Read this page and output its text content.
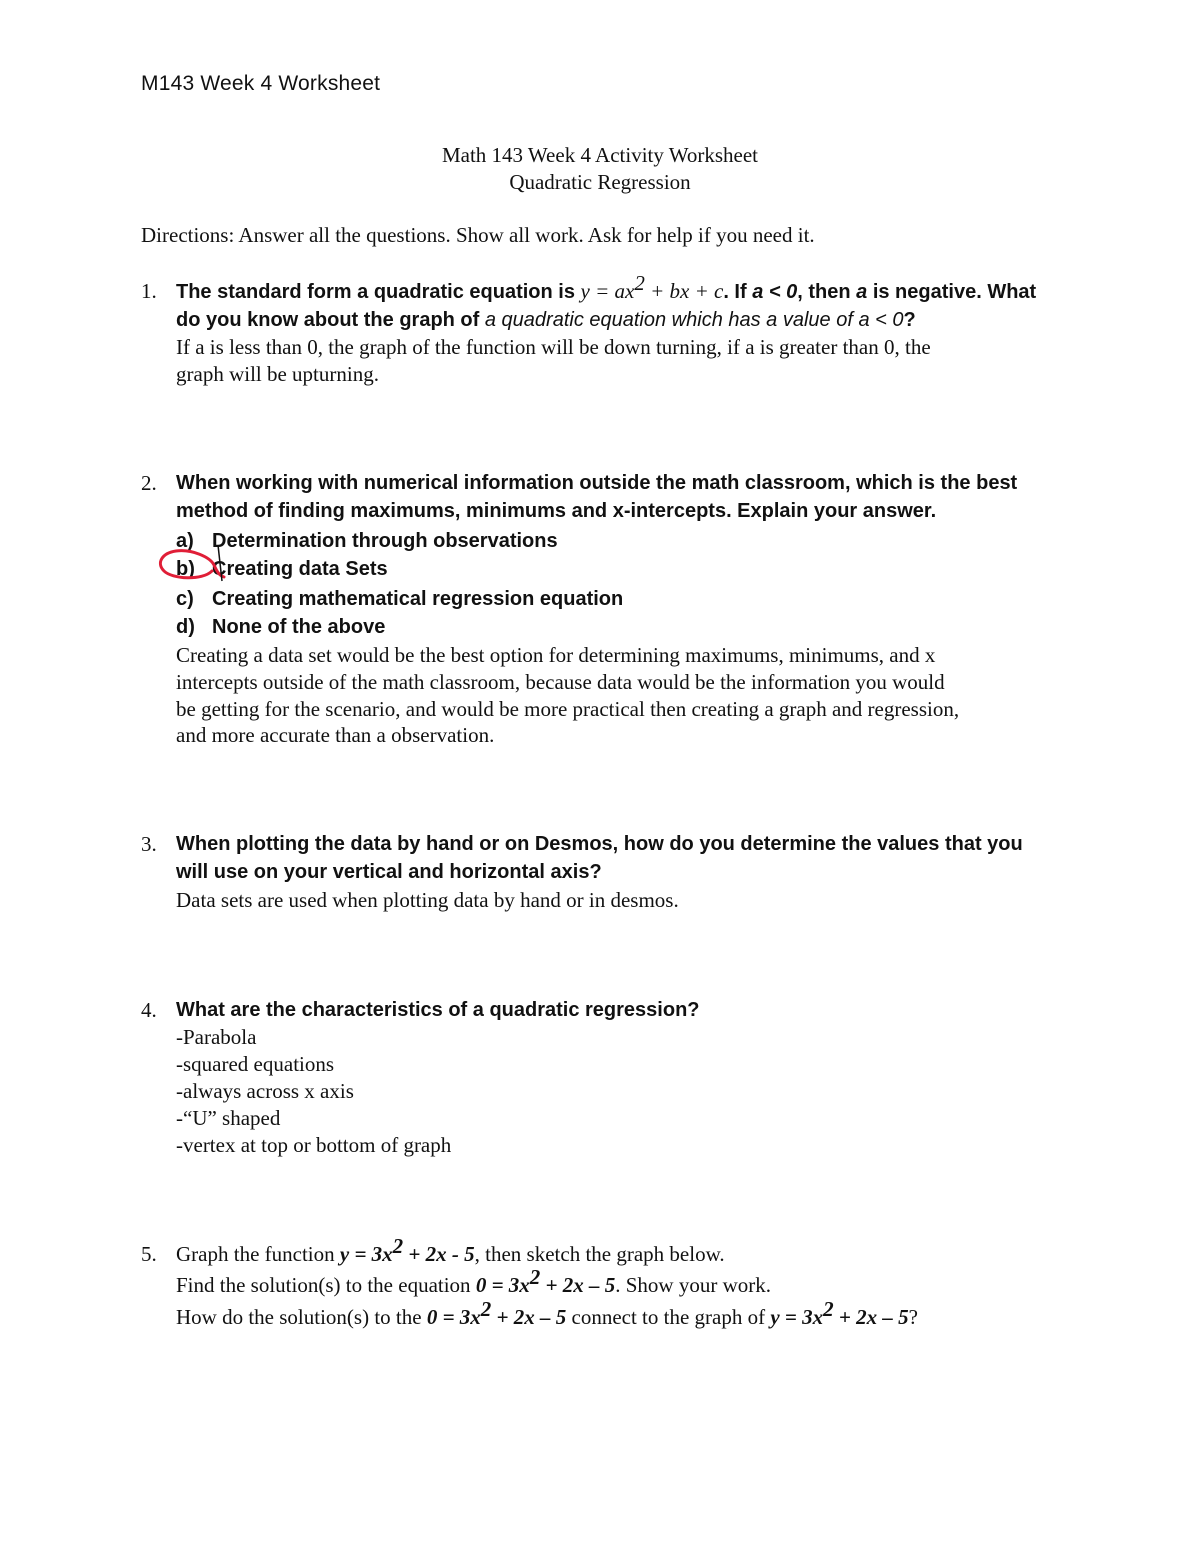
M143 Week 4 Worksheet
Math 143 Week 4 Activity Worksheet
Quadratic Regression
Directions: Answer all the questions. Show all work. Ask for help if you need it.
1. The standard form a quadratic equation is $y = ax^2$ + bx + c. If a < 0, then a is negative. What
do you know about the graph of a quadratic equation which has a value of a < 0?
If a is less than 0, the graph of the function will be down turning, if a is greater than 0, the
graph will be upturning.
2. When working with numerical information outside the math classroom, which is the best
method of finding maximums, minimums and x-intercepts. Explain your answer.
a) Determination through observations
b) Creating data Sets
c) Creating mathematical regression equation
d) None of the above
Creating a data set would be the best option for determining maximums, minimums, and x
intercepts outside of the math classroom, because data would be the information you would
be getting for the scenario, and would be more practical then creating a graph and regression,
and more accurate than a observation.
3. When plotting the data by hand or on Desmos, how do you determine the values that you
will use on your vertical and horizontal axis?
Data sets are used when plotting data by hand or in desmos.
4. What are the characteristics of a quadratic regression?
-Parabola
-squared equations
-always across x axis
-“U” shaped
-vertex at top or bottom of graph
5. Graph the function $y = 3x^2 + 2x - 5$, then sketch the graph below.
Find the solution(s) to the equation $0 = 3x^2 + 2x - 5$. Show your work.
How do the solution(s) to the $0 = 3x^2 + 2x - 5$ connect to the graph of $y = 3x^2 + 2x - 5$?
